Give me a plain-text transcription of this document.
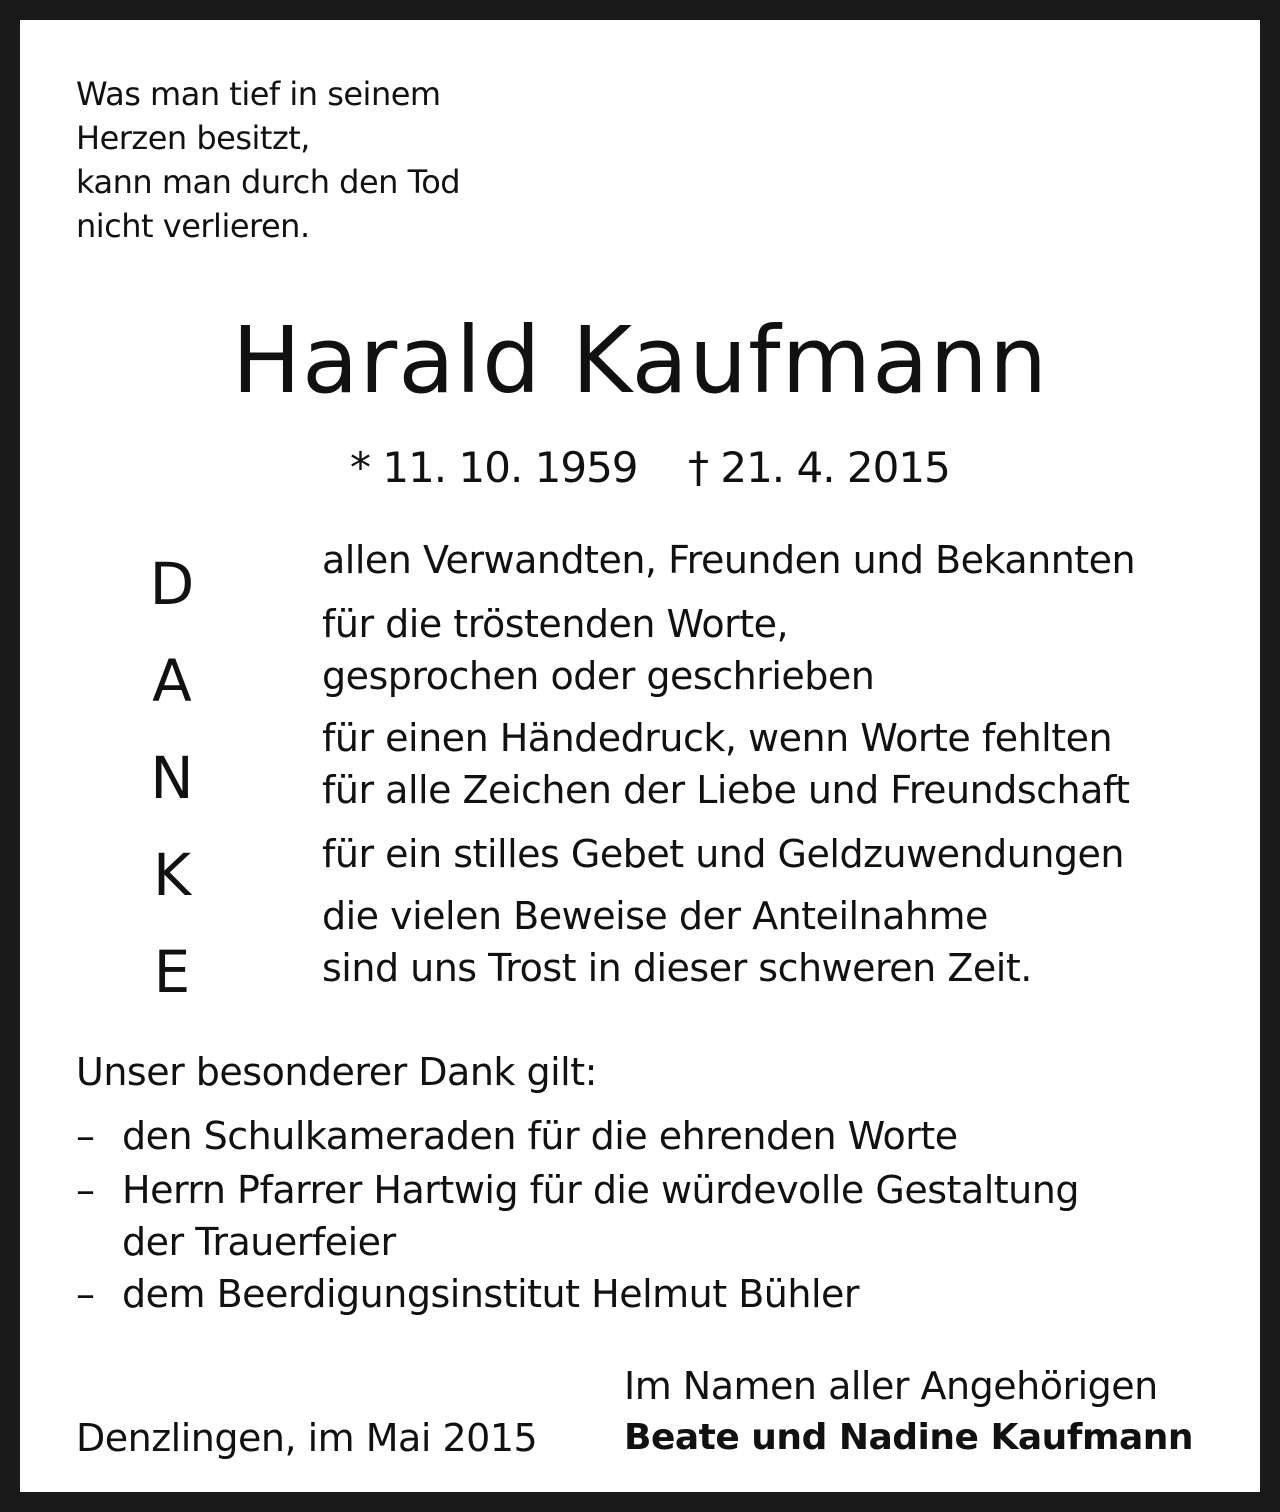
Was man tief in seinem
Herzen besitzt,
kann man durch den Tod
nicht verlieren.
Harald Kaufmann
* 11. 10. 1959 † 21. 4. 2015
D
A
N
K
E
allen Verwandten, Freunden und Bekannten
für die tröstenden Worte,
gesprochen oder geschrieben
für einen Händedruck, wenn Worte fehlten
für alle Zeichen der Liebe und Freundschaft
für ein stilles Gebet und Geldzuwendungen
die vielen Beweise der Anteilnahme
sind uns Trost in dieser schweren Zeit.
Unser besonderer Dank gilt:
– den Schulkameraden für die ehrenden Worte
– Herrn Pfarrer Hartwig für die würdevolle Gestaltung
der Trauerfeier
– dem Beerdigungsinstitut Helmut Bühler
Denzlingen, im Mai 2015
Im Namen aller Angehörigen
Beate und Nadine Kaufmann
